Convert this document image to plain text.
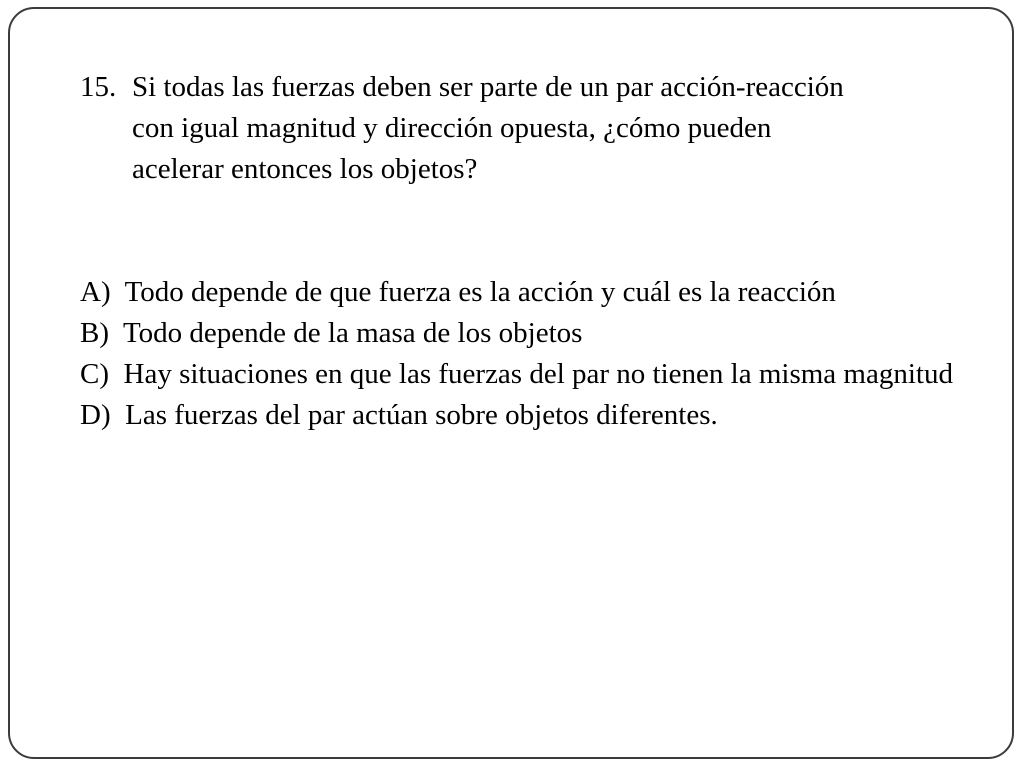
15. Si todas las fuerzas deben ser parte de un par acción-reacción
con igual magnitud y dirección opuesta, ¿cómo pueden
acelerar entonces los objetos?
A) Todo depende de que fuerza es la acción y cuál es la reacción
B) Todo depende de la masa de los objetos
C) Hay situaciones en que las fuerzas del par no tienen la misma magnitud
D) Las fuerzas del par actúan sobre objetos diferentes.
